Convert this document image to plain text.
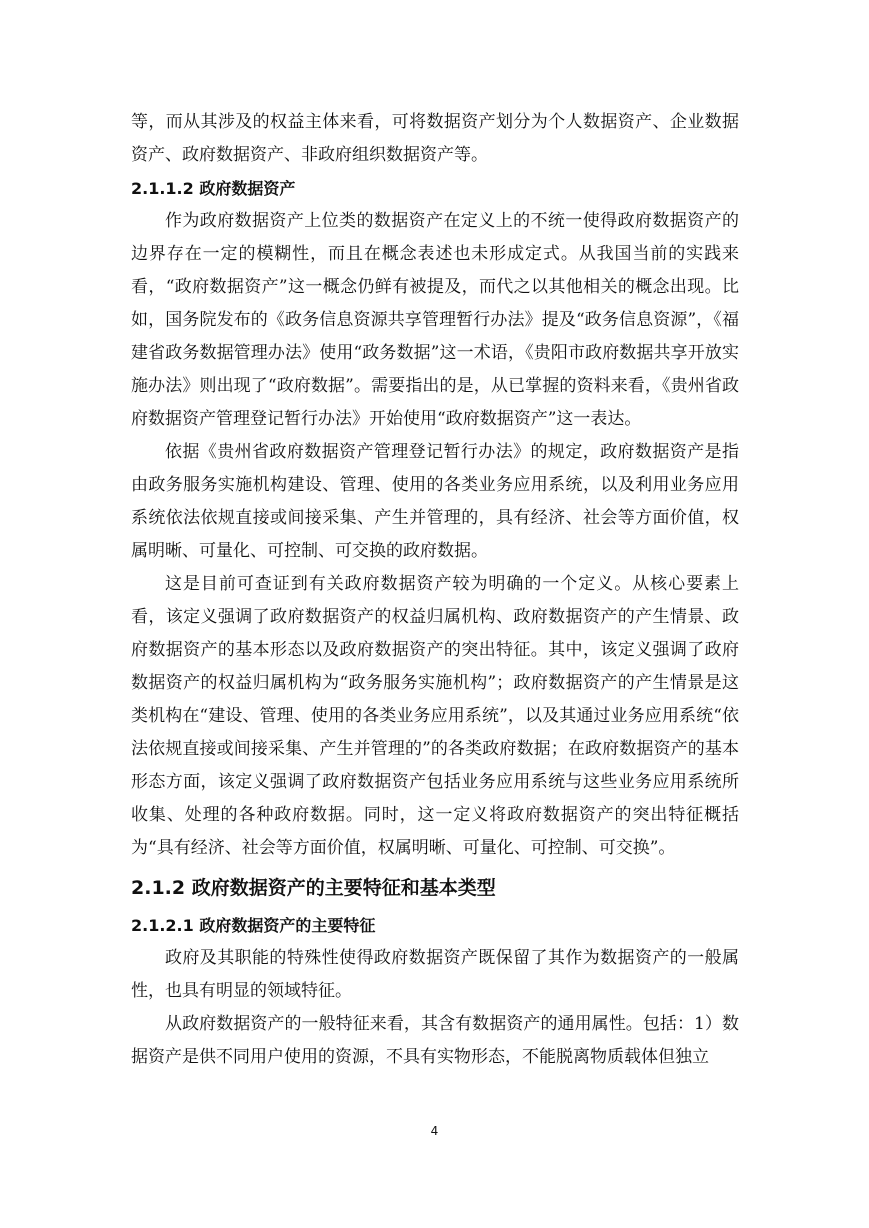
等，而从其涉及的权益主体来看，可将数据资产划分为个人数据资产、企业数据资产、政府数据资产、非政府组织数据资产等。

2.1.1.2 政府数据资产

作为政府数据资产上位类的数据资产在定义上的不统一使得政府数据资产的边界存在一定的模糊性，而且在概念表述也未形成定式。从我国当前的实践来看，“政府数据资产”这一概念仍鲜有被提及，而代之以其他相关的概念出现。比如，国务院发布的《政务信息资源共享管理暂行办法》提及“政务信息资源”，《福建省政务数据管理办法》使用“政务数据”这一术语，《贵阳市政府数据共享开放实施办法》则出现了“政府数据”。需要指出的是，从已掌握的资料来看，《贵州省政府数据资产管理登记暂行办法》开始使用“政府数据资产”这一表达。

依据《贵州省政府数据资产管理登记暂行办法》的规定，政府数据资产是指由政务服务实施机构建设、管理、使用的各类业务应用系统，以及利用业务应用系统依法依规直接或间接采集、产生并管理的，具有经济、社会等方面价值，权属明晰、可量化、可控制、可交换的政府数据。

这是目前可查证到有关政府数据资产较为明确的一个定义。从核心要素上看，该定义强调了政府数据资产的权益归属机构、政府数据资产的产生情景、政府数据资产的基本形态以及政府数据资产的突出特征。其中，该定义强调了政府数据资产的权益归属机构为“政务服务实施机构”；政府数据资产的产生情景是这类机构在“建设、管理、使用的各类业务应用系统”，以及其通过业务应用系统“依法依规直接或间接采集、产生并管理的”的各类政府数据；在政府数据资产的基本形态方面，该定义强调了政府数据资产包括业务应用系统与这些业务应用系统所收集、处理的各种政府数据。同时，这一定义将政府数据资产的突出特征概括为“具有经济、社会等方面价值，权属明晰、可量化、可控制、可交换”。

2.1.2 政府数据资产的主要特征和基本类型
2.1.2.1 政府数据资产的主要特征

政府及其职能的特殊性使得政府数据资产既保留了其作为数据资产的一般属性，也具有明显的领域特征。

从政府数据资产的一般特征来看，其含有数据资产的通用属性。包括：1）数据资产是供不同用户使用的资源，不具有实物形态，不能脱离物质载体但独立

4
